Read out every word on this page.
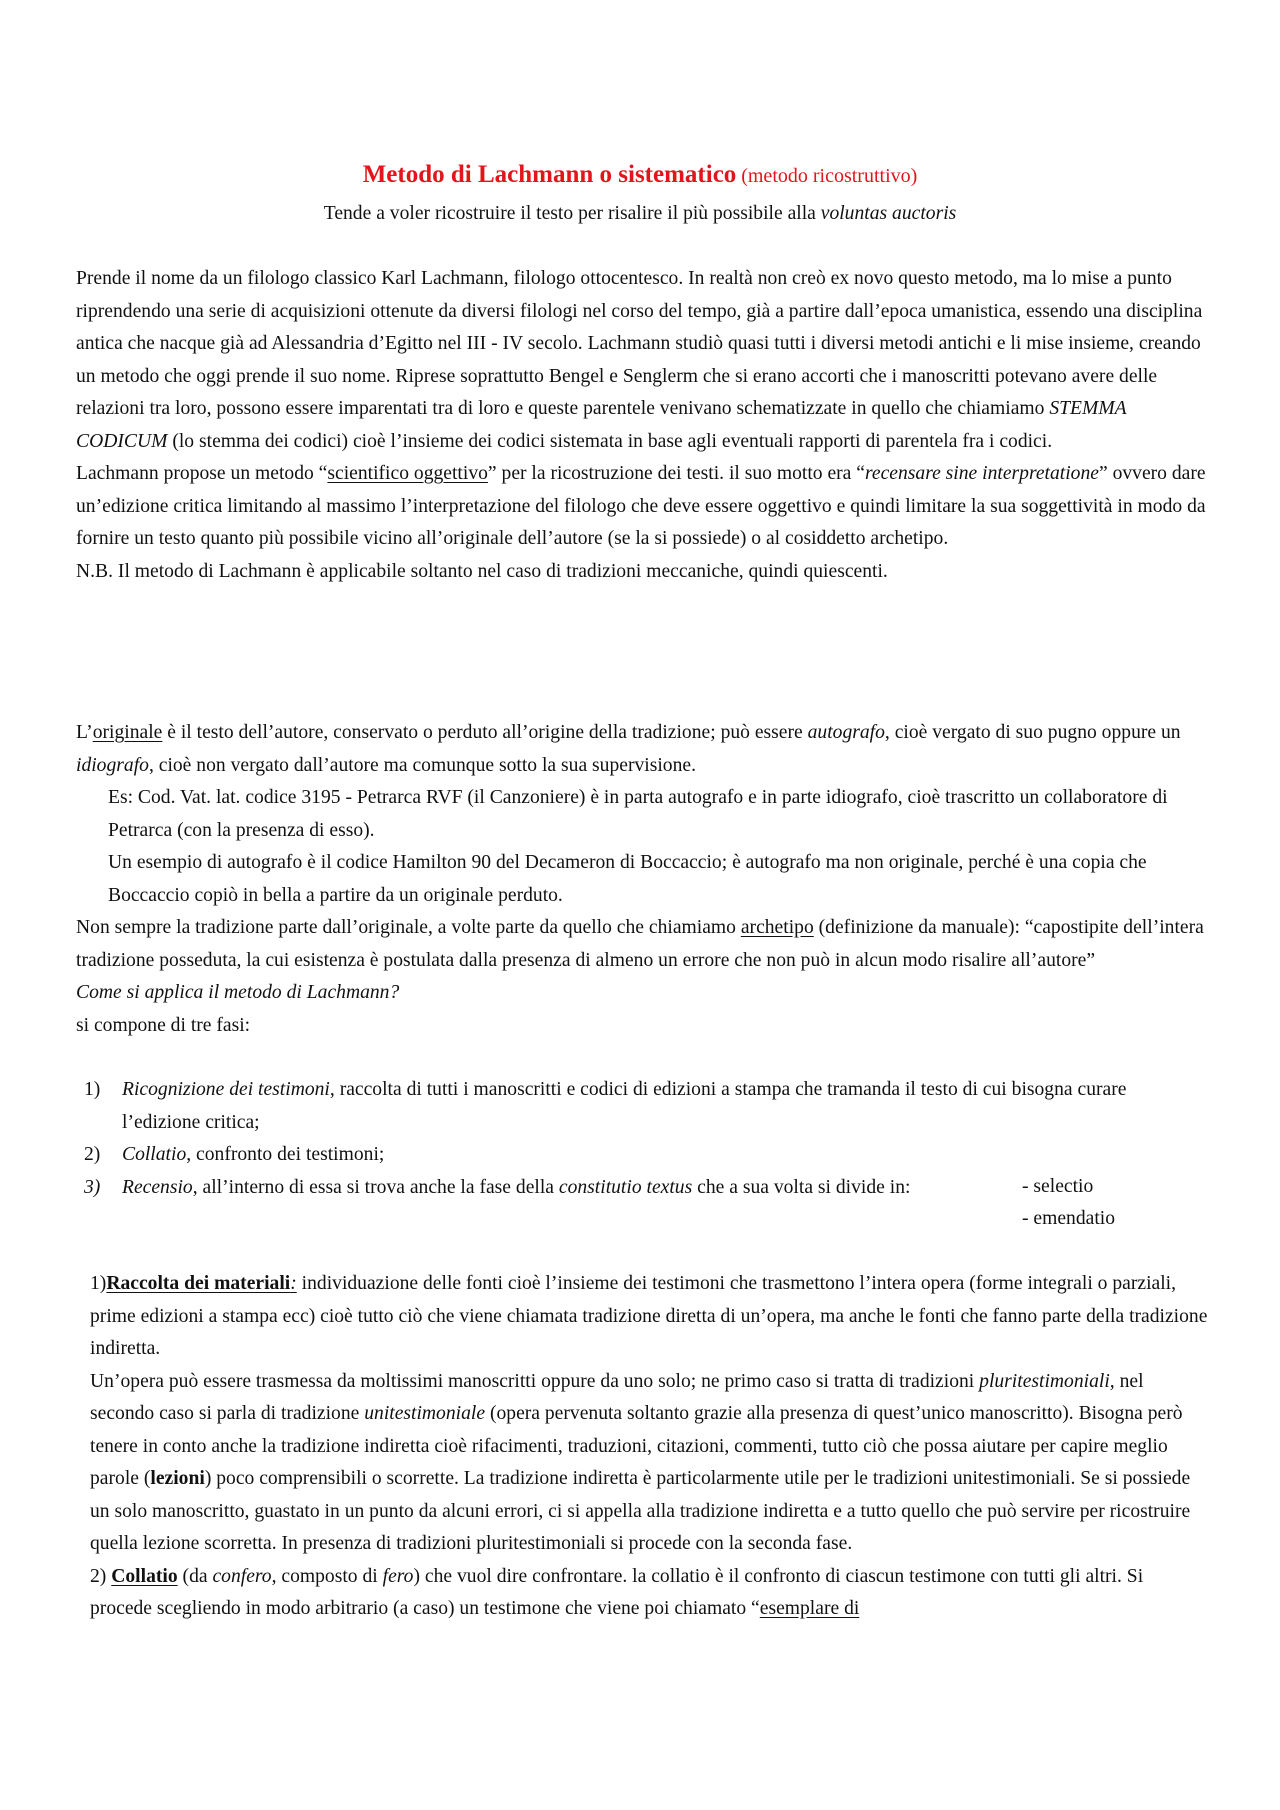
Metodo di Lachmann o sistematico (metodo ricostruttivo)
Tende a voler ricostruire il testo per risalire il più possibile alla voluntas auctoris

Prende il nome da un filologo classico Karl Lachmann, filologo ottocentesco. In realtà non creò ex novo questo metodo, ma lo mise a punto riprendendo una serie di acquisizioni ottenute da diversi filologi nel corso del tempo, già a partire dall’epoca umanistica, essendo una disciplina antica che nacque già ad Alessandria d’Egitto nel III - IV secolo. Lachmann studiò quasi tutti i diversi metodi antichi e li mise insieme, creando un metodo che oggi prende il suo nome. Riprese soprattutto Bengel e Senglerm che si erano accorti che i manoscritti potevano avere delle relazioni tra loro, possono essere imparentati tra di loro e queste parentele venivano schematizzate in quello che chiamiamo STEMMA CODICUM (lo stemma dei codici) cioè l’insieme dei codici sistemata in base agli eventuali rapporti di parentela fra i codici.

Lachmann propose un metodo “scientifico oggettivo” per la ricostruzione dei testi. il suo motto era “recensare sine interpretatione” ovvero dare un’edizione critica limitando al massimo l’interpretazione del filologo che deve essere oggettivo e quindi limitare la sua soggettività in modo da fornire un testo quanto più possibile vicino all’originale dell’autore (se la si possiede) o al cosiddetto archetipo.

N.B. Il metodo di Lachmann è applicabile soltanto nel caso di tradizioni meccaniche, quindi quiescenti.

L’originale è il testo dell’autore, conservato o perduto all’origine della tradizione; può essere autografo, cioè vergato di suo pugno oppure un idiografo, cioè non vergato dall’autore ma comunque sotto la sua supervisione.

Es: Cod. Vat. lat. codice 3195 - Petrarca RVF (il Canzoniere) è in parta autografo e in parte idiografo, cioè trascritto un collaboratore di Petrarca (con la presenza di esso).

Un esempio di autografo è il codice Hamilton 90 del Decameron di Boccaccio; è autografo ma non originale, perché è una copia che Boccaccio copiò in bella a partire da un originale perduto.

Non sempre la tradizione parte dall’originale, a volte parte da quello che chiamiamo archetipo (definizione da manuale): “capostipite dell’intera tradizione posseduta, la cui esistenza è postulata dalla presenza di almeno un errore che non può in alcun modo risalire all’autore”

Come si applica il metodo di Lachmann?

si compone di tre fasi:

1) Ricognizione dei testimoni, raccolta di tutti i manoscritti e codici di edizioni a stampa che tramanda il testo di cui bisogna curare l’edizione critica;
2) Collatio, confronto dei testimoni;
3) Recensio, all’interno di essa si trova anche la fase della constitutio textus che a sua volta si divide in:	- selectio
- emendatio

1)Raccolta dei materiali: individuazione delle fonti cioè l’insieme dei testimoni che trasmettono l’intera opera (forme integrali o parziali, prime edizioni a stampa ecc) cioè tutto ciò che viene chiamata tradizione diretta di un’opera, ma anche le fonti che fanno parte della tradizione indiretta.

Un’opera può essere trasmessa da moltissimi manoscritti oppure da uno solo; ne primo caso si tratta di tradizioni pluritestimoniali, nel secondo caso si parla di tradizione unitestimoniale (opera pervenuta soltanto grazie alla presenza di quest’unico manoscritto). Bisogna però tenere in conto anche la tradizione indiretta cioè rifacimenti, traduzioni, citazioni, commenti, tutto ciò che possa aiutare per capire meglio parole (lezioni) poco comprensibili o scorrette. La tradizione indiretta è particolarmente utile per le tradizioni unitestimoniali. Se si possiede un solo manoscritto, guastato in un punto da alcuni errori, ci si appella alla tradizione indiretta e a tutto quello che può servire per ricostruire quella lezione scorretta. In presenza di tradizioni pluritestimoniali si procede con la seconda fase.

2) Collatio (da confero, composto di fero) che vuol dire confrontare. la collatio è il confronto di ciascun testimone con tutti gli altri. Si procede scegliendo in modo arbitrario (a caso) un testimone che viene poi chiamato “esemplare di
